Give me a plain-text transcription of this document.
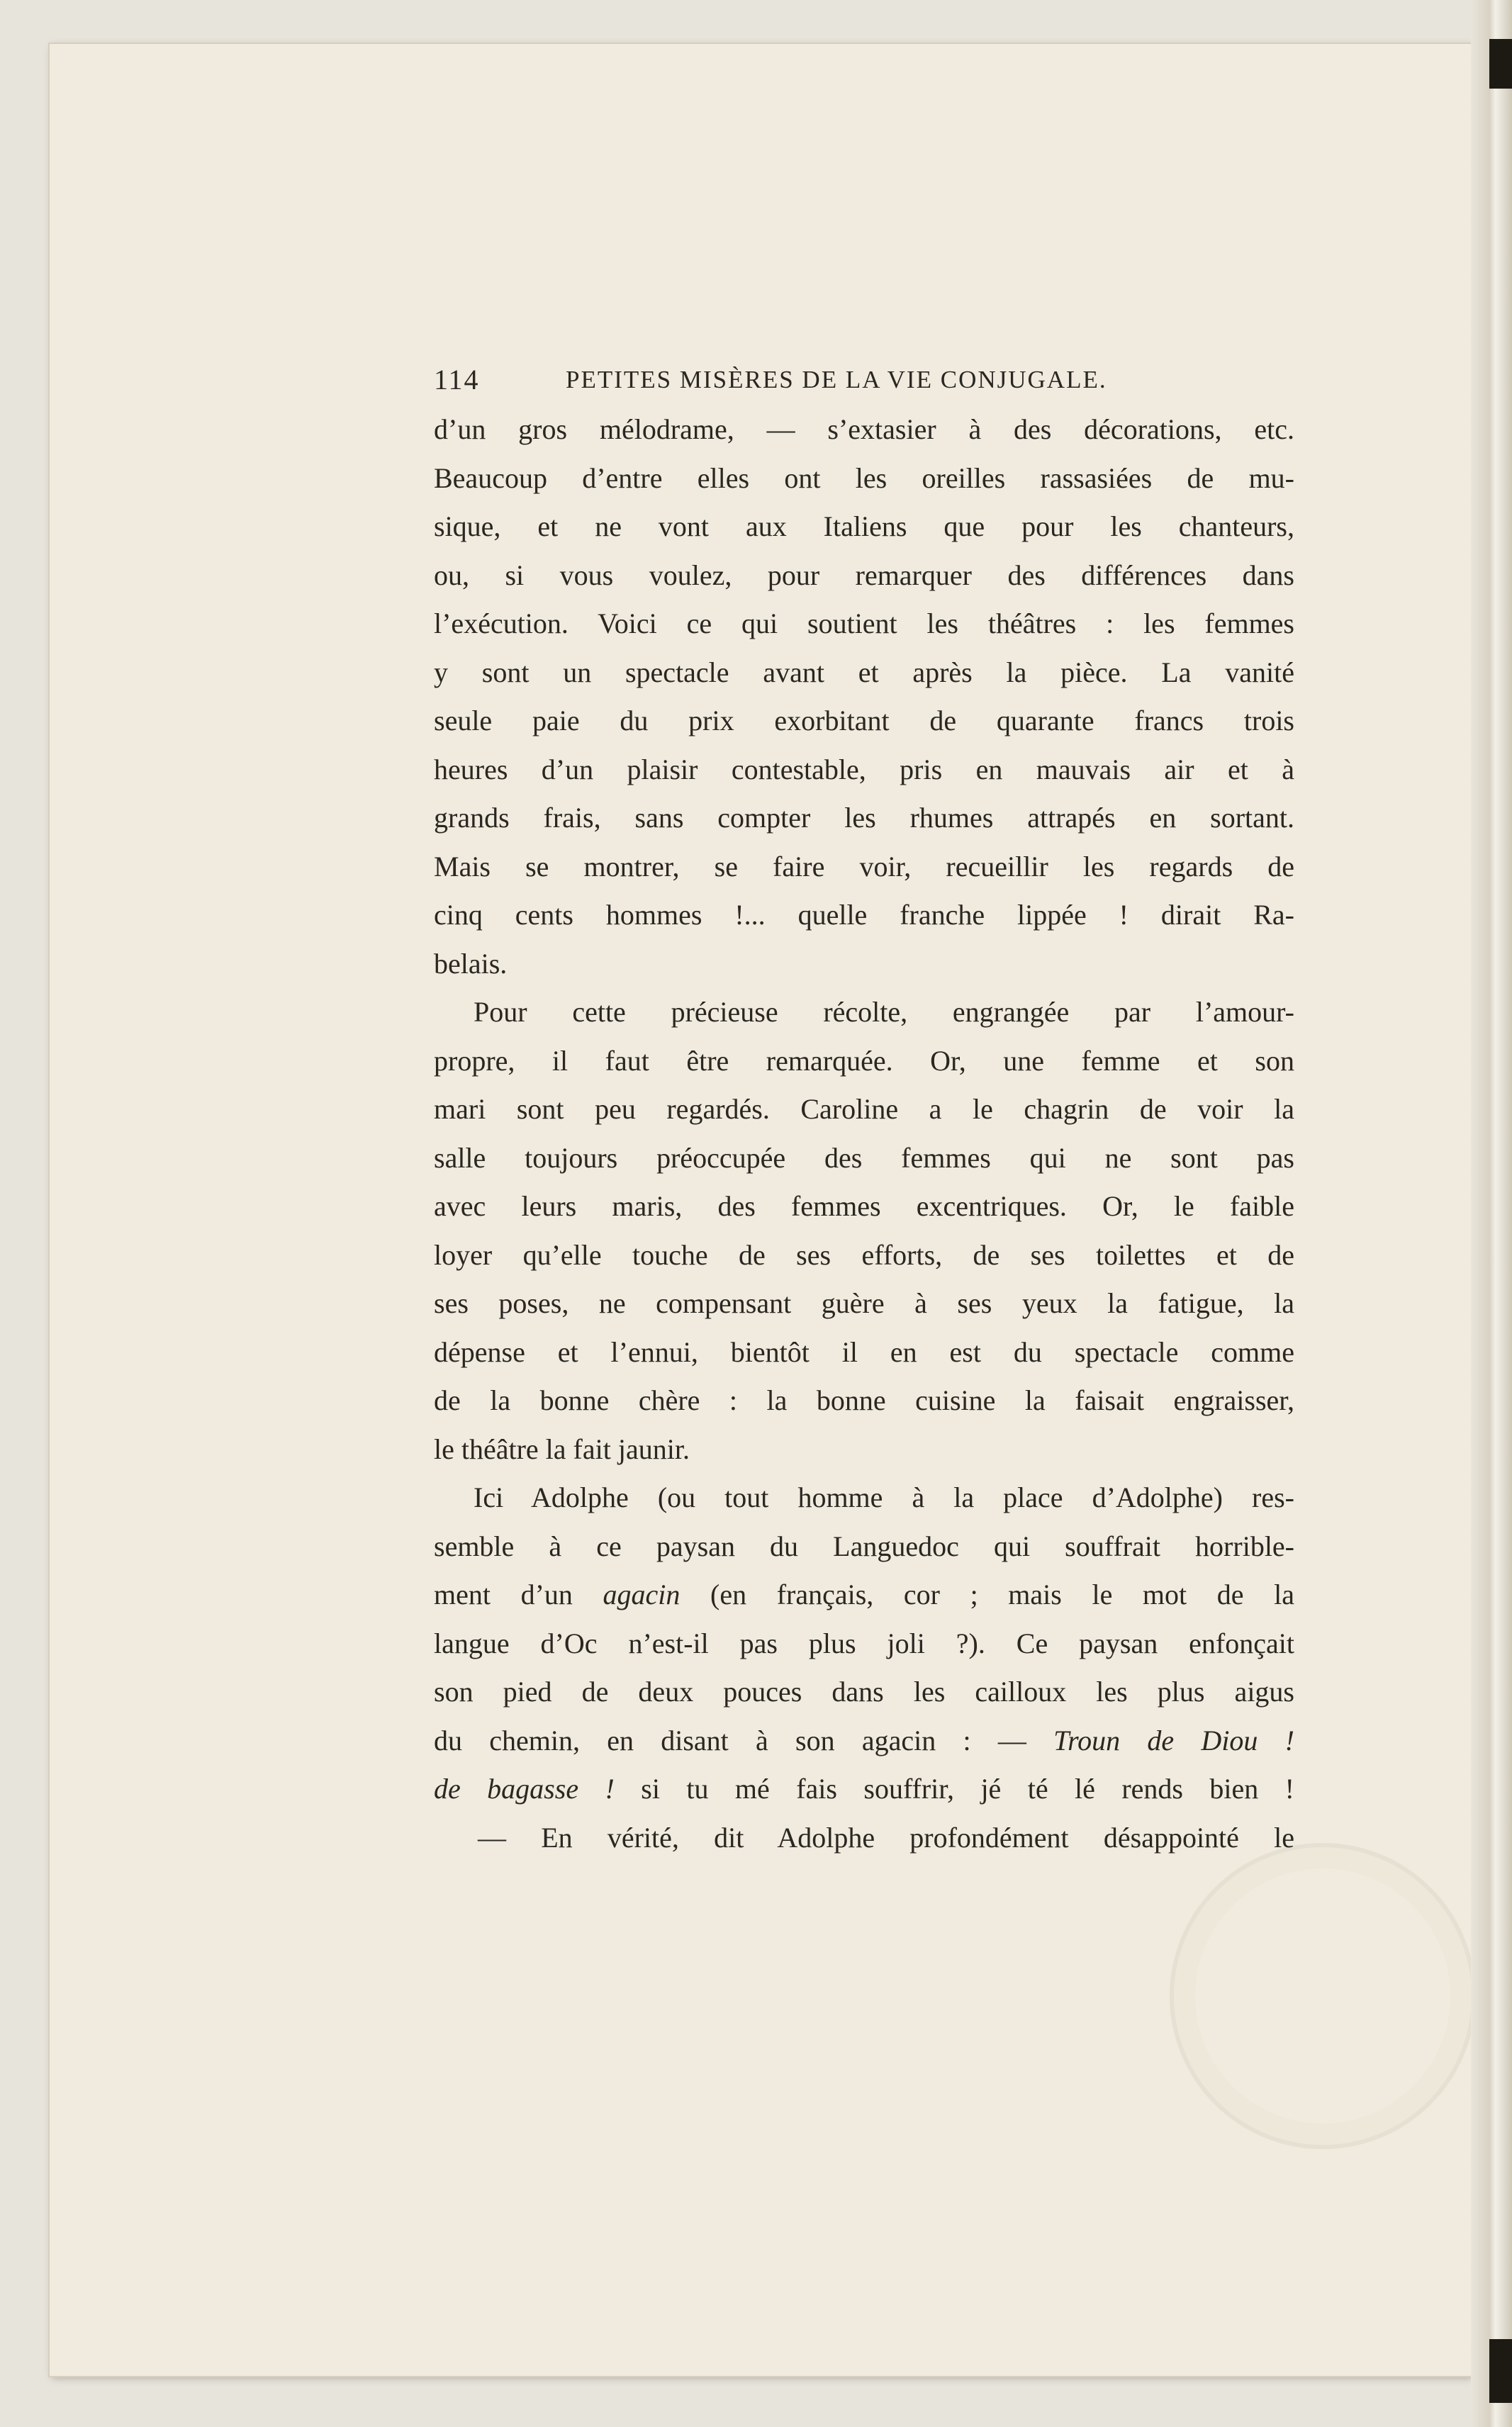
114	PETITES MISÈRES DE LA VIE CONJUGALE.
d’un gros mélodrame, — s’extasier à des décorations, etc.
Beaucoup d’entre elles ont les oreilles rassasiées de mu-
sique, et ne vont aux Italiens que pour les chanteurs,
ou, si vous voulez, pour remarquer des différences dans
l’exécution. Voici ce qui soutient les théâtres : les femmes
y sont un spectacle avant et après la pièce. La vanité
seule paie du prix exorbitant de quarante francs trois
heures d’un plaisir contestable, pris en mauvais air et à
grands frais, sans compter les rhumes attrapés en sortant.
Mais se montrer, se faire voir, recueillir les regards de
cinq cents hommes !... quelle franche lippée ! dirait Ra-
belais.
Pour cette précieuse récolte, engrangée par l’amour-
propre, il faut être remarquée. Or, une femme et son
mari sont peu regardés. Caroline a le chagrin de voir la
salle toujours préoccupée des femmes qui ne sont pas
avec leurs maris, des femmes excentriques. Or, le faible
loyer qu’elle touche de ses efforts, de ses toilettes et de
ses poses, ne compensant guère à ses yeux la fatigue, la
dépense et l’ennui, bientôt il en est du spectacle comme
de la bonne chère : la bonne cuisine la faisait engraisser,
le théâtre la fait jaunir.
Ici Adolphe (ou tout homme à la place d’Adolphe) res-
semble à ce paysan du Languedoc qui souffrait horrible-
ment d’un agacin (en français, cor ; mais le mot de la
langue d’Oc n’est-il pas plus joli ?). Ce paysan enfonçait
son pied de deux pouces dans les cailloux les plus aigus
du chemin, en disant à son agacin : — Troun de Diou !
de bagasse ! si tu mé fais souffrir, jé té lé rends bien !
— En vérité, dit Adolphe profondément désappointé le
